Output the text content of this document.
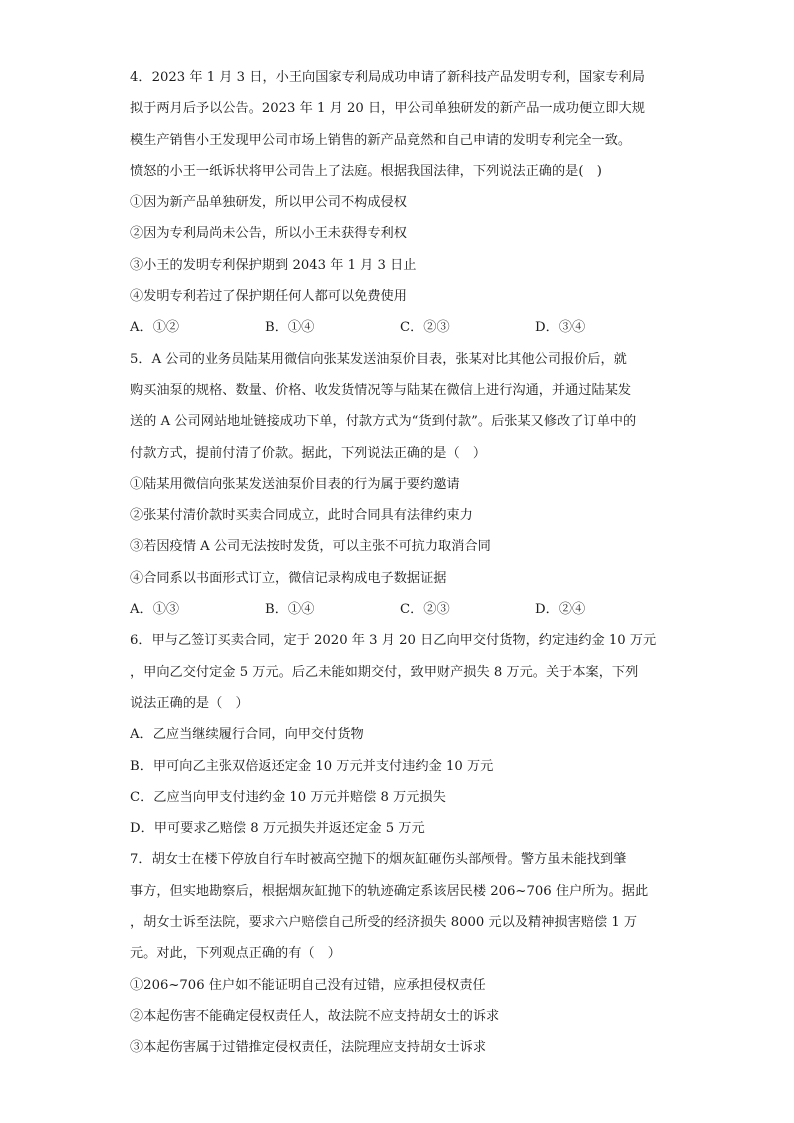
4．2023 年 1 月 3 日，小王向国家专利局成功申请了新科技产品发明专利，国家专利局
拟于两月后予以公告。2023 年 1 月 20 日，甲公司单独研发的新产品一成功便立即大规
模生产销售小王发现甲公司市场上销售的新产品竟然和自己申请的发明专利完全一致。
愤怒的小王一纸诉状将甲公司告上了法庭。根据我国法律，下列说法正确的是(　)
①因为新产品单独研发，所以甲公司不构成侵权
②因为专利局尚未公告，所以小王未获得专利权
③小王的发明专利保护期到 2043 年 1 月 3 日止
④发明专利若过了保护期任何人都可以免费使用
A．①②	B．①④	C．②③	D．③④
5．A 公司的业务员陆某用微信向张某发送油泵价目表，张某对比其他公司报价后，就
购买油泵的规格、数量、价格、收发货情况等与陆某在微信上进行沟通，并通过陆某发
送的 A 公司网站地址链接成功下单，付款方式为“货到付款”。后张某又修改了订单中的
付款方式，提前付清了价款。据此，下列说法正确的是（　）
①陆某用微信向张某发送油泵价目表的行为属于要约邀请
②张某付清价款时买卖合同成立，此时合同具有法律约束力
③若因疫情 A 公司无法按时发货，可以主张不可抗力取消合同
④合同系以书面形式订立，微信记录构成电子数据证据
A．①③	B．①④	C．②③	D．②④
6．甲与乙签订买卖合同，定于 2020 年 3 月 20 日乙向甲交付货物，约定违约金 10 万元
，甲向乙交付定金 5 万元。后乙未能如期交付，致甲财产损失 8 万元。关于本案，下列
说法正确的是（　）
A．乙应当继续履行合同，向甲交付货物
B．甲可向乙主张双倍返还定金 10 万元并支付违约金 10 万元
C．乙应当向甲支付违约金 10 万元并赔偿 8 万元损失
D．甲可要求乙赔偿 8 万元损失并返还定金 5 万元
7．胡女士在楼下停放自行车时被高空抛下的烟灰缸砸伤头部颅骨。警方虽未能找到肇
事方，但实地勘察后，根据烟灰缸抛下的轨迹确定系该居民楼 206~706 住户所为。据此
，胡女士诉至法院，要求六户赔偿自己所受的经济损失 8000 元以及精神损害赔偿 1 万
元。对此，下列观点正确的有（　）
①206~706 住户如不能证明自己没有过错，应承担侵权责任
②本起伤害不能确定侵权责任人，故法院不应支持胡女士的诉求
③本起伤害属于过错推定侵权责任，法院理应支持胡女士诉求
